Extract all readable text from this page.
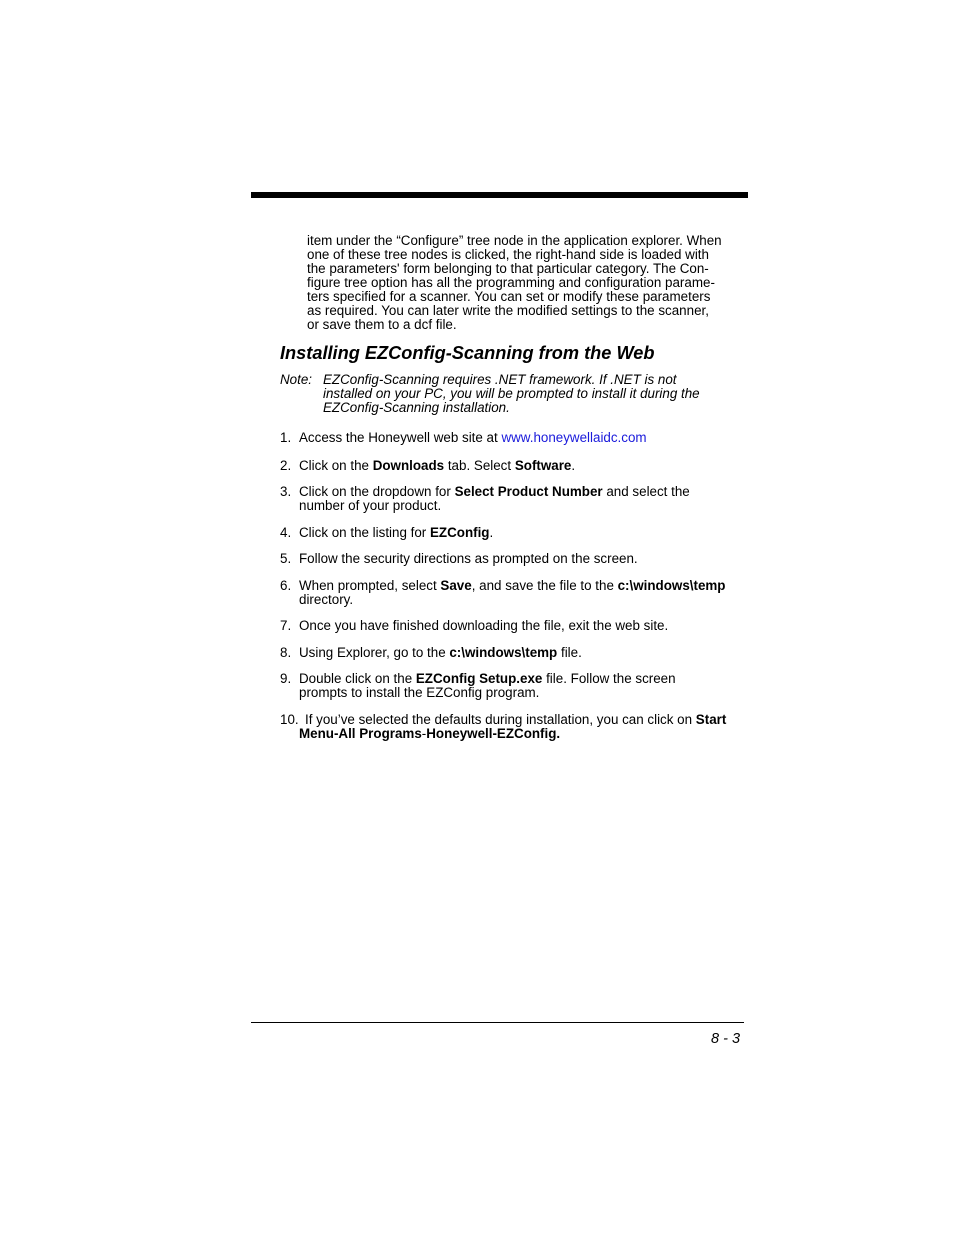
item under the “Configure” tree node in the application explorer. When
one of these tree nodes is clicked, the right-hand side is loaded with
the parameters' form belonging to that particular category. The Con-
figure tree option has all the programming and configuration parame-
ters specified for a scanner. You can set or modify these parameters
as required. You can later write the modified settings to the scanner,
or save them to a dcf file.
Installing EZConfig-Scanning from the Web
Note: EZConfig-Scanning requires .NET framework. If .NET is not
installed on your PC, you will be prompted to install it during the
EZConfig-Scanning installation.
1. Access the Honeywell web site at www.honeywellaidc.com
2. Click on the Downloads tab. Select Software.
3. Click on the dropdown for Select Product Number and select the
number of your product.
4. Click on the listing for EZConfig.
5. Follow the security directions as prompted on the screen.
6. When prompted, select Save, and save the file to the c:\windows\temp
directory.
7. Once you have finished downloading the file, exit the web site.
8. Using Explorer, go to the c:\windows\temp file.
9. Double click on the EZConfig Setup.exe file. Follow the screen
prompts to install the EZConfig program.
10. If you’ve selected the defaults during installation, you can click on Start
Menu-All Programs-Honeywell-EZConfig.
8 - 3
